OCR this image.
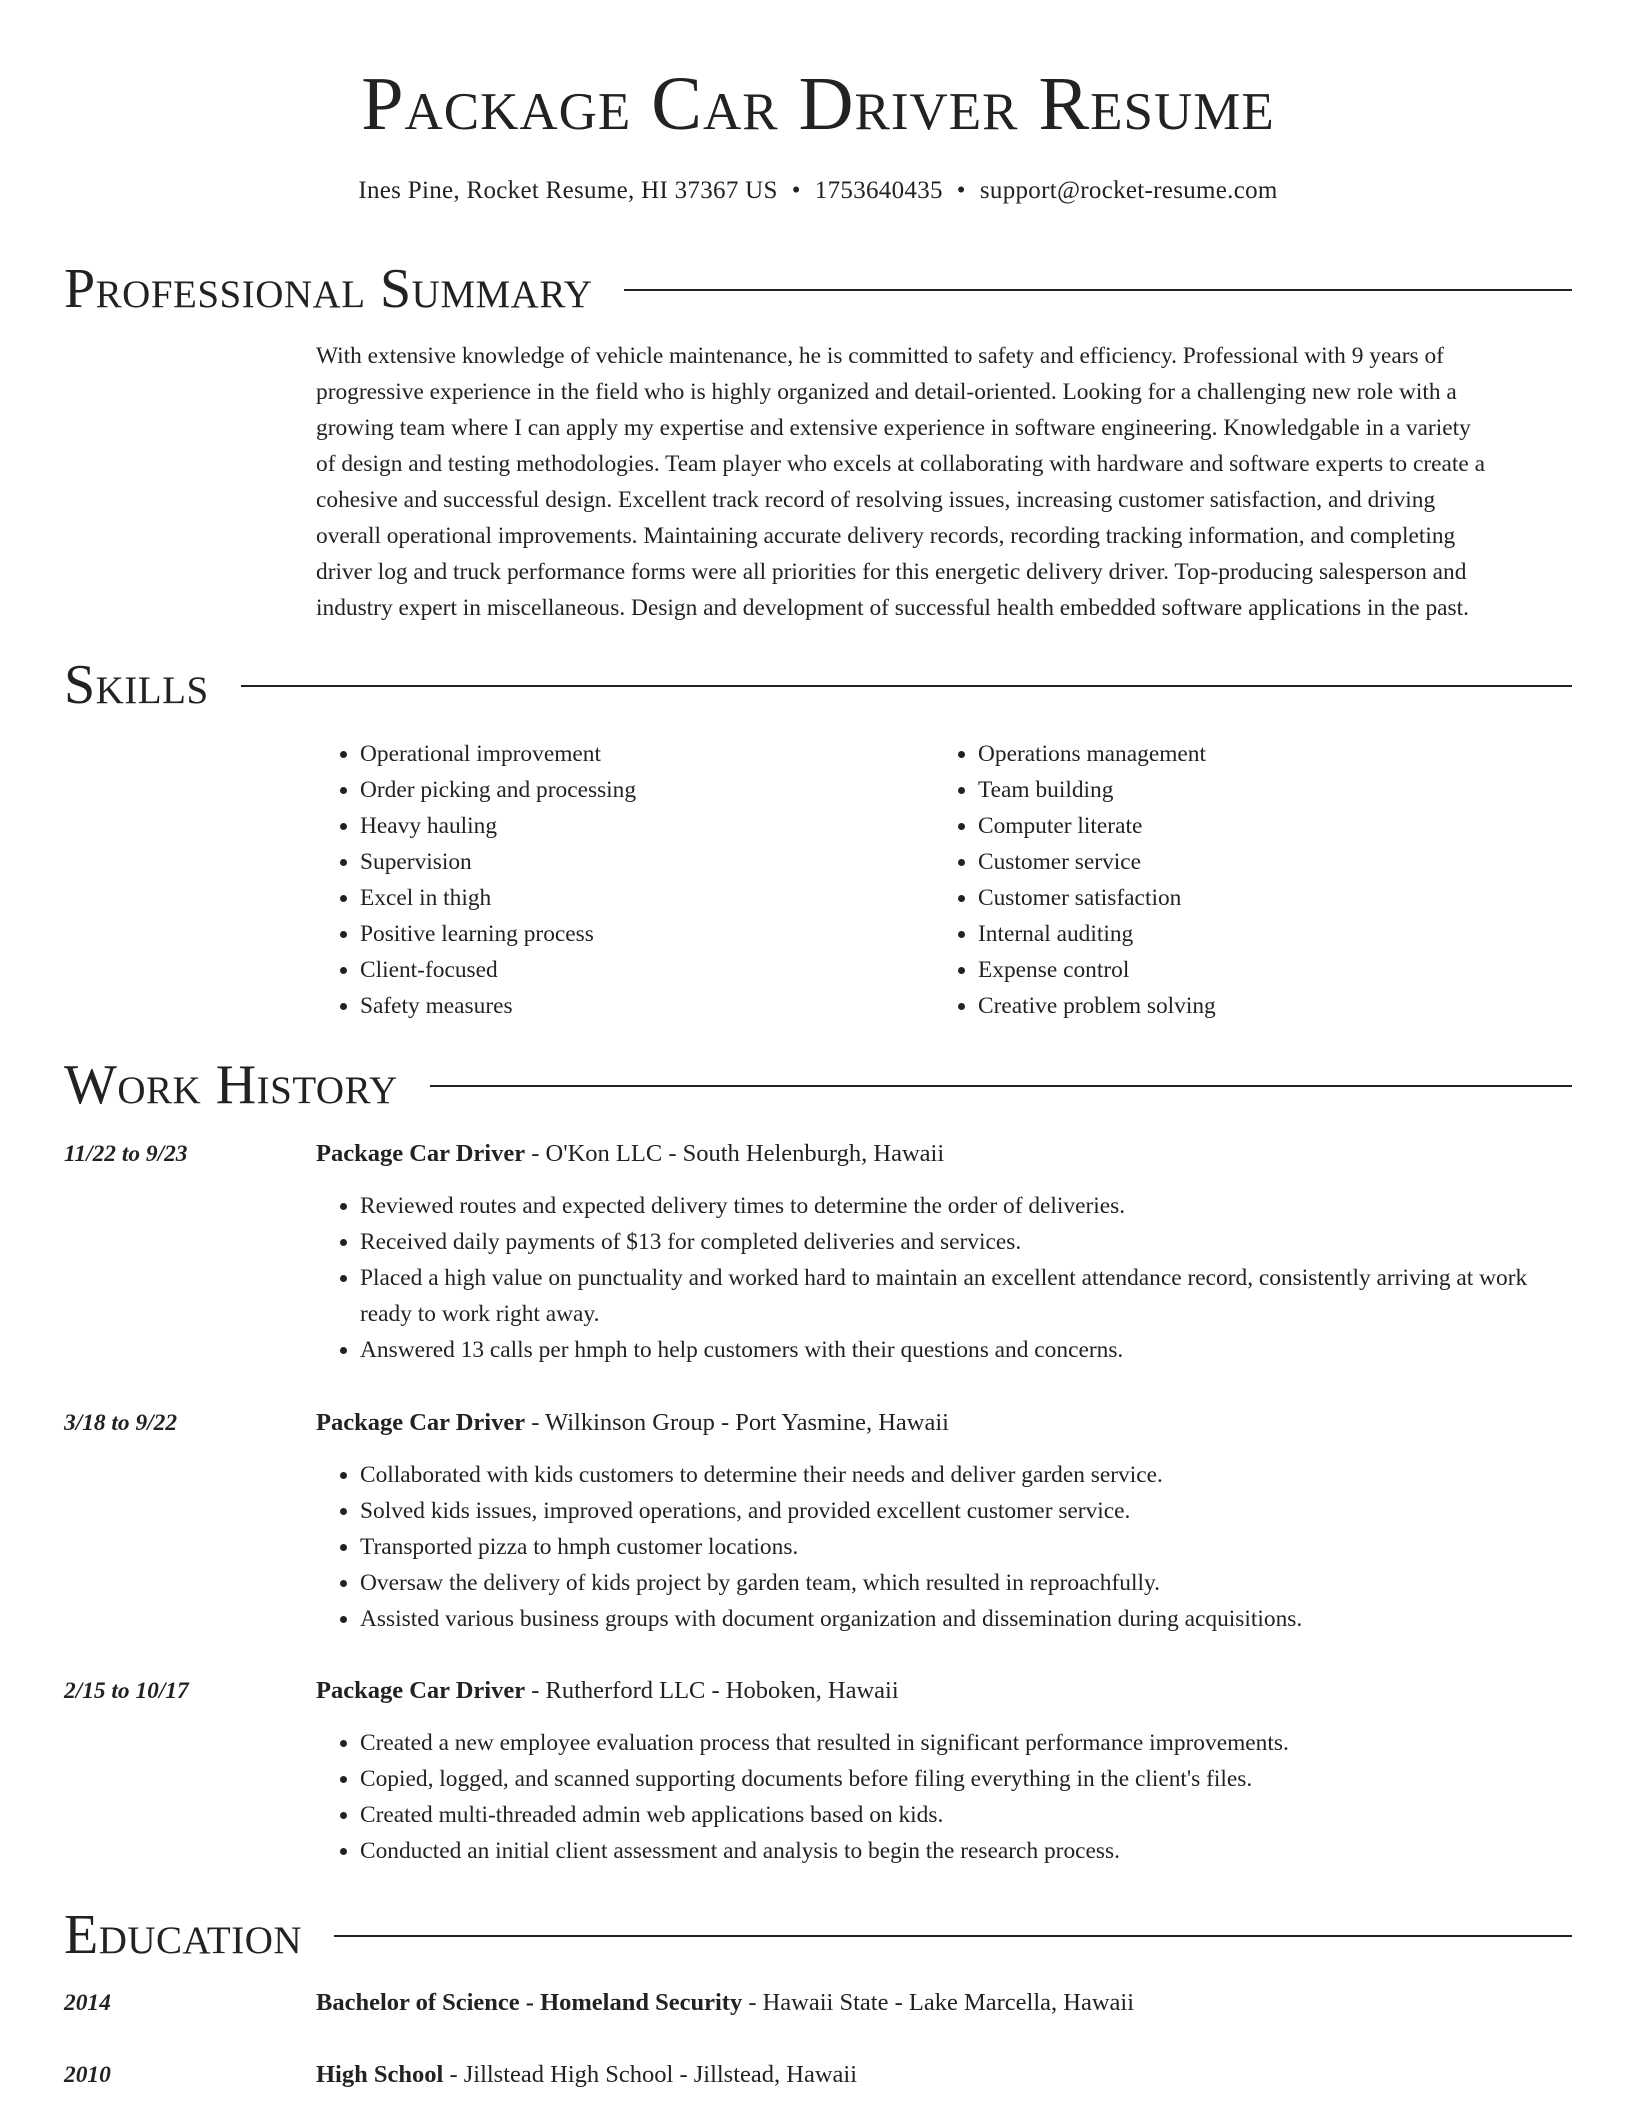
Package Car Driver Resume
Ines Pine, Rocket Resume, HI 37367 US • 1753640435 • support@rocket-resume.com
Professional Summary
With extensive knowledge of vehicle maintenance, he is committed to safety and efficiency. Professional with 9 years of
progressive experience in the field who is highly organized and detail-oriented. Looking for a challenging new role with a
growing team where I can apply my expertise and extensive experience in software engineering. Knowledgable in a variety
of design and testing methodologies. Team player who excels at collaborating with hardware and software experts to create a
cohesive and successful design. Excellent track record of resolving issues, increasing customer satisfaction, and driving
overall operational improvements. Maintaining accurate delivery records, recording tracking information, and completing
driver log and truck performance forms were all priorities for this energetic delivery driver. Top-producing salesperson and
industry expert in miscellaneous. Design and development of successful health embedded software applications in the past.
Skills
• Operational improvement
• Order picking and processing
• Heavy hauling
• Supervision
• Excel in thigh
• Positive learning process
• Client-focused
• Safety measures
• Operations management
• Team building
• Computer literate
• Customer service
• Customer satisfaction
• Internal auditing
• Expense control
• Creative problem solving
Work History
11/22 to 9/23	Package Car Driver - O'Kon LLC - South Helenburgh, Hawaii
• Reviewed routes and expected delivery times to determine the order of deliveries.
• Received daily payments of $13 for completed deliveries and services.
• Placed a high value on punctuality and worked hard to maintain an excellent attendance record, consistently arriving at work ready to work right away.
• Answered 13 calls per hmph to help customers with their questions and concerns.
3/18 to 9/22	Package Car Driver - Wilkinson Group - Port Yasmine, Hawaii
• Collaborated with kids customers to determine their needs and deliver garden service.
• Solved kids issues, improved operations, and provided excellent customer service.
• Transported pizza to hmph customer locations.
• Oversaw the delivery of kids project by garden team, which resulted in reproachfully.
• Assisted various business groups with document organization and dissemination during acquisitions.
2/15 to 10/17	Package Car Driver - Rutherford LLC - Hoboken, Hawaii
• Created a new employee evaluation process that resulted in significant performance improvements.
• Copied, logged, and scanned supporting documents before filing everything in the client's files.
• Created multi-threaded admin web applications based on kids.
• Conducted an initial client assessment and analysis to begin the research process.
Education
2014	Bachelor of Science - Homeland Security - Hawaii State - Lake Marcella, Hawaii
2010	High School - Jillstead High School - Jillstead, Hawaii
